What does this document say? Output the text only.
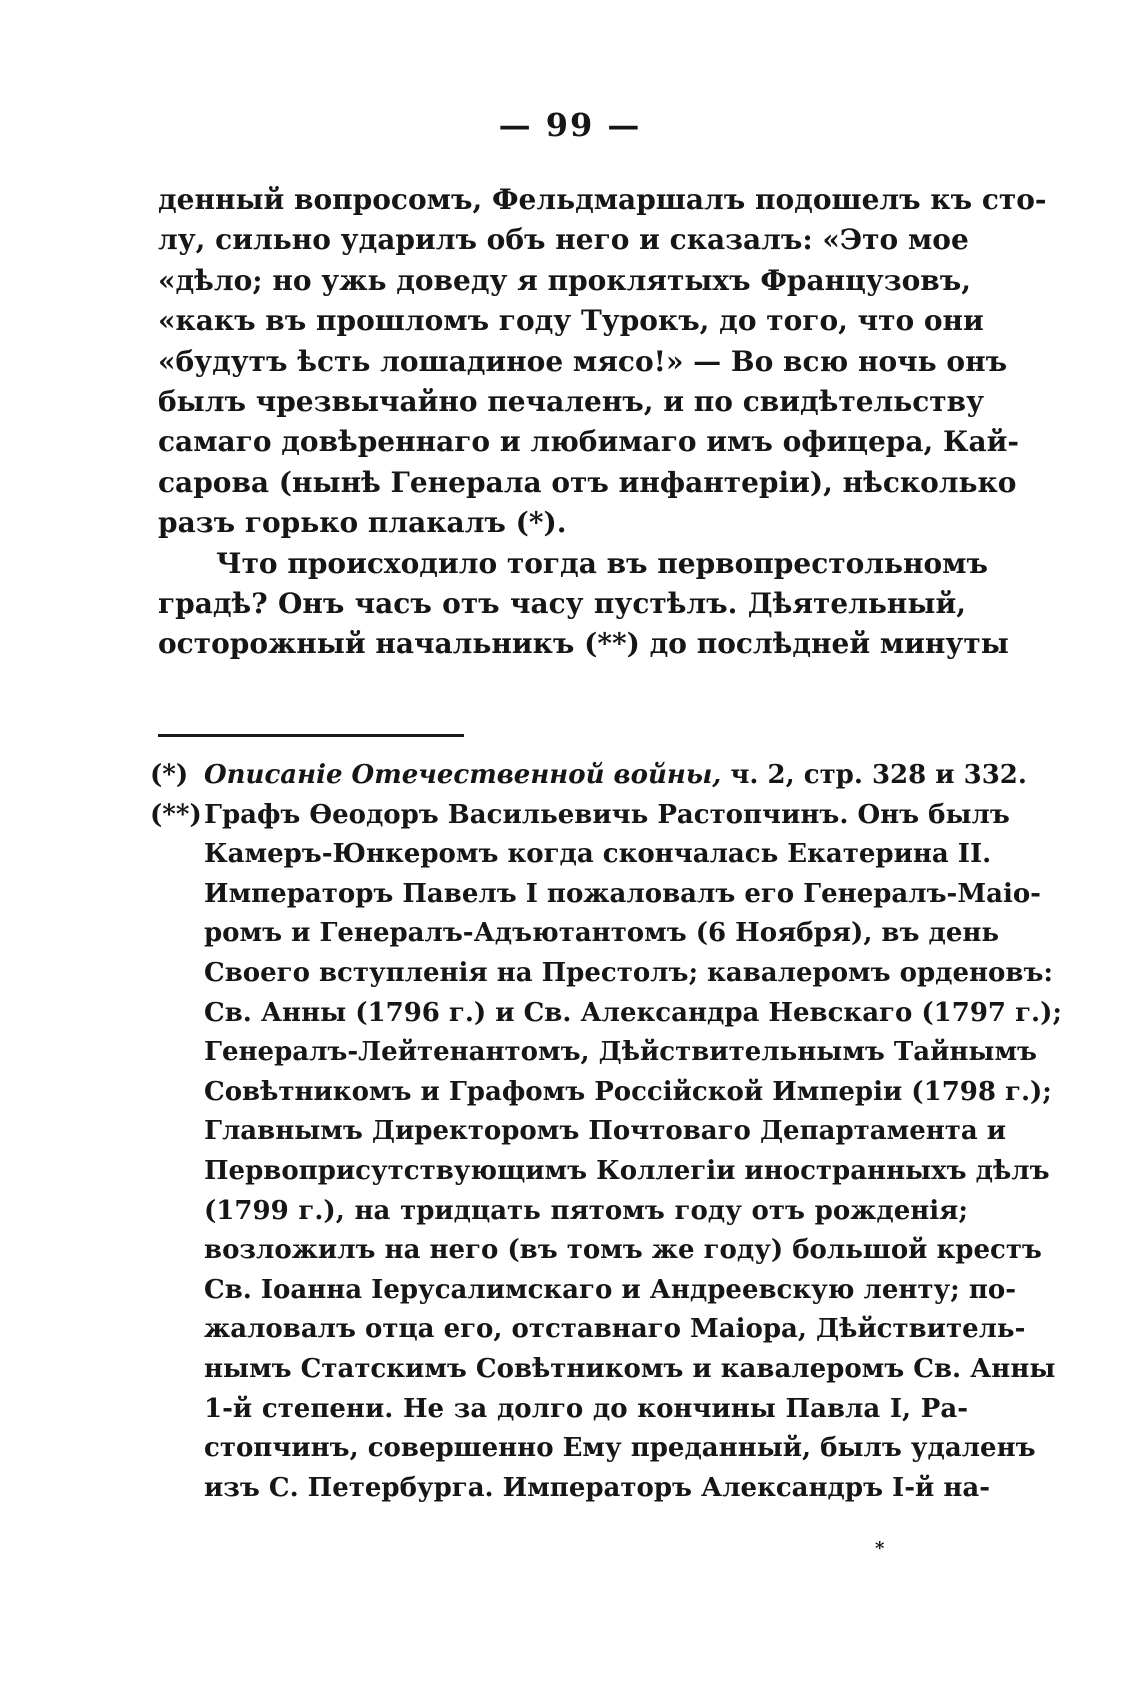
— 99 —
денный вопросомъ, Фельдмаршалъ подошелъ къ сто-
лу, сильно ударилъ объ него и сказалъ: «Это мое
«дѣло; но ужь доведу я проклятыхъ Французовъ,
«какъ въ прошломъ году Турокъ, до того, что они
«будутъ ѣсть лошадиное мясо!» — Во всю ночь онъ
былъ чрезвычайно печаленъ, и по свидѣтельству
самаго довѣреннаго и любимаго имъ офицера, Кай-
сарова (нынѣ Генерала отъ инфантеріи), нѣсколько
разъ горько плакалъ (*).
Что происходило тогда въ первопрестольномъ
градѣ? Онъ часъ отъ часу пустѣлъ. Дѣятельный,
осторожный начальникъ (**) до послѣдней минуты
(*) Описаніе Отечественной войны, ч. 2, стр. 328 и 332.
(**)Графъ Ѳеодоръ Васильевичь Растопчинъ. Онъ былъ
Камеръ-Юнкеромъ когда скончалась Екатерина II.
Императоръ Павелъ I пожаловалъ его Генералъ-Маіо-
ромъ и Генералъ-Адъютантомъ (6 Ноября), въ день
Своего вступленія на Престолъ; кавалеромъ орденовъ:
Св. Анны (1796 г.) и Св. Александра Невскаго (1797 г.);
Генералъ-Лейтенантомъ, Дѣйствительнымъ Тайнымъ
Совѣтникомъ и Графомъ Россійской Имперіи (1798 г.);
Главнымъ Директоромъ Почтоваго Департамента и
Первоприсутствующимъ Коллегіи иностранныхъ дѣлъ
(1799 г.), на тридцать пятомъ году отъ рожденія;
возложилъ на него (въ томъ же году) большой крестъ
Св. Іоанна Іерусалимскаго и Андреевскую ленту; по-
жаловалъ отца его, отставнаго Маіора, Дѣйствитель-
нымъ Статскимъ Совѣтникомъ и кавалеромъ Св. Анны
1-й степени. Не за долго до кончины Павла I, Ра-
стопчинъ, совершенно Ему преданный, былъ удаленъ
изъ С. Петербурга. Императоръ Александръ I-й на-
*
